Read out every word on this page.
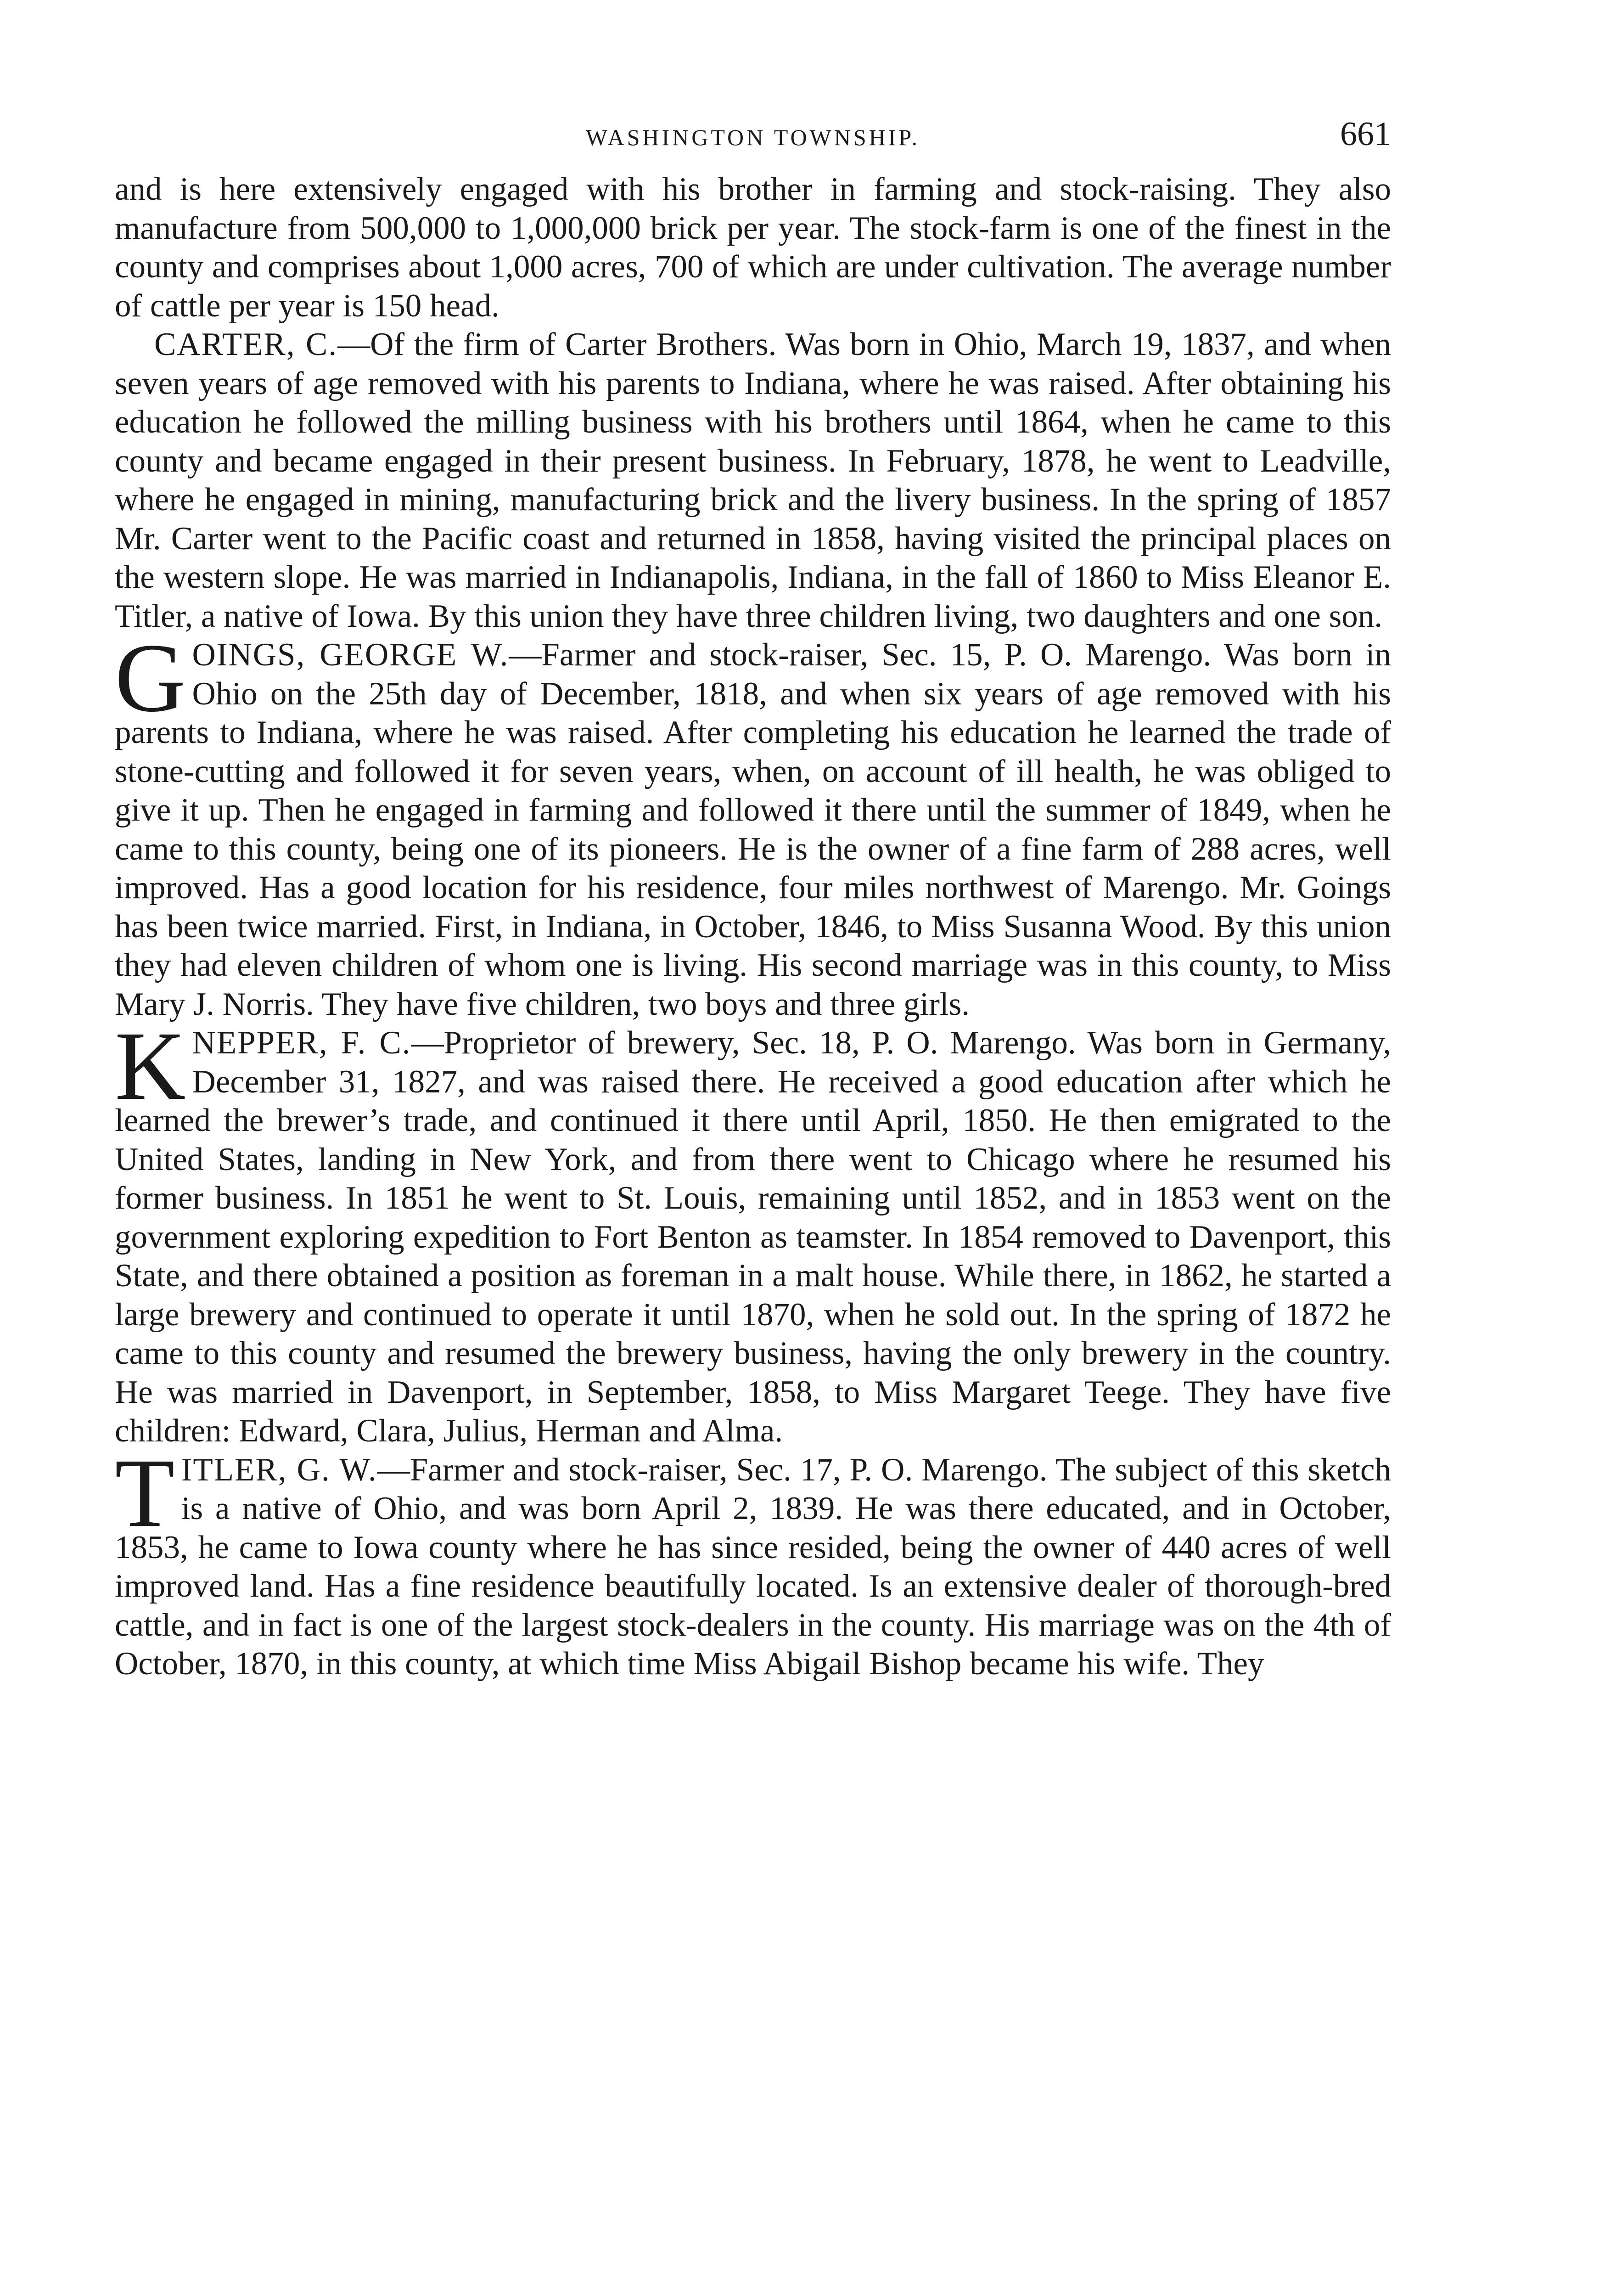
WASHINGTON TOWNSHIP.	661

and is here extensively engaged with his brother in farming and stock-raising. They also manufacture from 500,000 to 1,000,000 brick per year. The stock-farm is one of the finest in the county and comprises about 1,000 acres, 700 of which are under cultivation. The average number of cattle per year is 150 head.

CARTER, C.—Of the firm of Carter Brothers. Was born in Ohio, March 19, 1837, and when seven years of age removed with his parents to Indiana, where he was raised. After obtaining his education he followed the milling business with his brothers until 1864, when he came to this county and became engaged in their present business. In February, 1878, he went to Leadville, where he engaged in mining, manufacturing brick and the livery business. In the spring of 1857 Mr. Carter went to the Pacific coast and returned in 1858, having visited the principal places on the western slope. He was married in Indianapolis, Indiana, in the fall of 1860 to Miss Eleanor E. Titler, a native of Iowa. By this union they have three children living, two daughters and one son.

G OINGS, GEORGE W.—Farmer and stock-raiser, Sec. 15, P. O. Marengo. Was born in Ohio on the 25th day of December, 1818, and when six years of age removed with his parents to Indiana, where he was raised. After completing his education he learned the trade of stone-cutting and followed it for seven years, when, on account of ill health, he was obliged to give it up. Then he engaged in farming and followed it there until the summer of 1849, when he came to this county, being one of its pioneers. He is the owner of a fine farm of 288 acres, well improved. Has a good location for his residence, four miles northwest of Marengo. Mr. Goings has been twice married. First, in Indiana, in October, 1846, to Miss Susanna Wood. By this union they had eleven children of whom one is living. His second marriage was in this county, to Miss Mary J. Norris. They have five children, two boys and three girls.

K NEPPER, F. C.—Proprietor of brewery, Sec. 18, P. O. Marengo. Was born in Germany, December 31, 1827, and was raised there. He received a good education after which he learned the brewer’s trade, and continued it there until April, 1850. He then emigrated to the United States, landing in New York, and from there went to Chicago where he resumed his former business. In 1851 he went to St. Louis, remaining until 1852, and in 1853 went on the government exploring expedition to Fort Benton as teamster. In 1854 removed to Davenport, this State, and there obtained a position as foreman in a malt house. While there, in 1862, he started a large brewery and continued to operate it until 1870, when he sold out. In the spring of 1872 he came to this county and resumed the brewery business, having the only brewery in the country. He was married in Davenport, in September, 1858, to Miss Margaret Teege. They have five children: Edward, Clara, Julius, Herman and Alma.

T ITLER, G. W.—Farmer and stock-raiser, Sec. 17, P. O. Marengo. The subject of this sketch is a native of Ohio, and was born April 2, 1839. He was there educated, and in October, 1853, he came to Iowa county where he has since resided, being the owner of 440 acres of well improved land. Has a fine residence beautifully located. Is an extensive dealer of thorough-bred cattle, and in fact is one of the largest stock-dealers in the county. His marriage was on the 4th of October, 1870, in this county, at which time Miss Abigail Bishop became his wife. They
